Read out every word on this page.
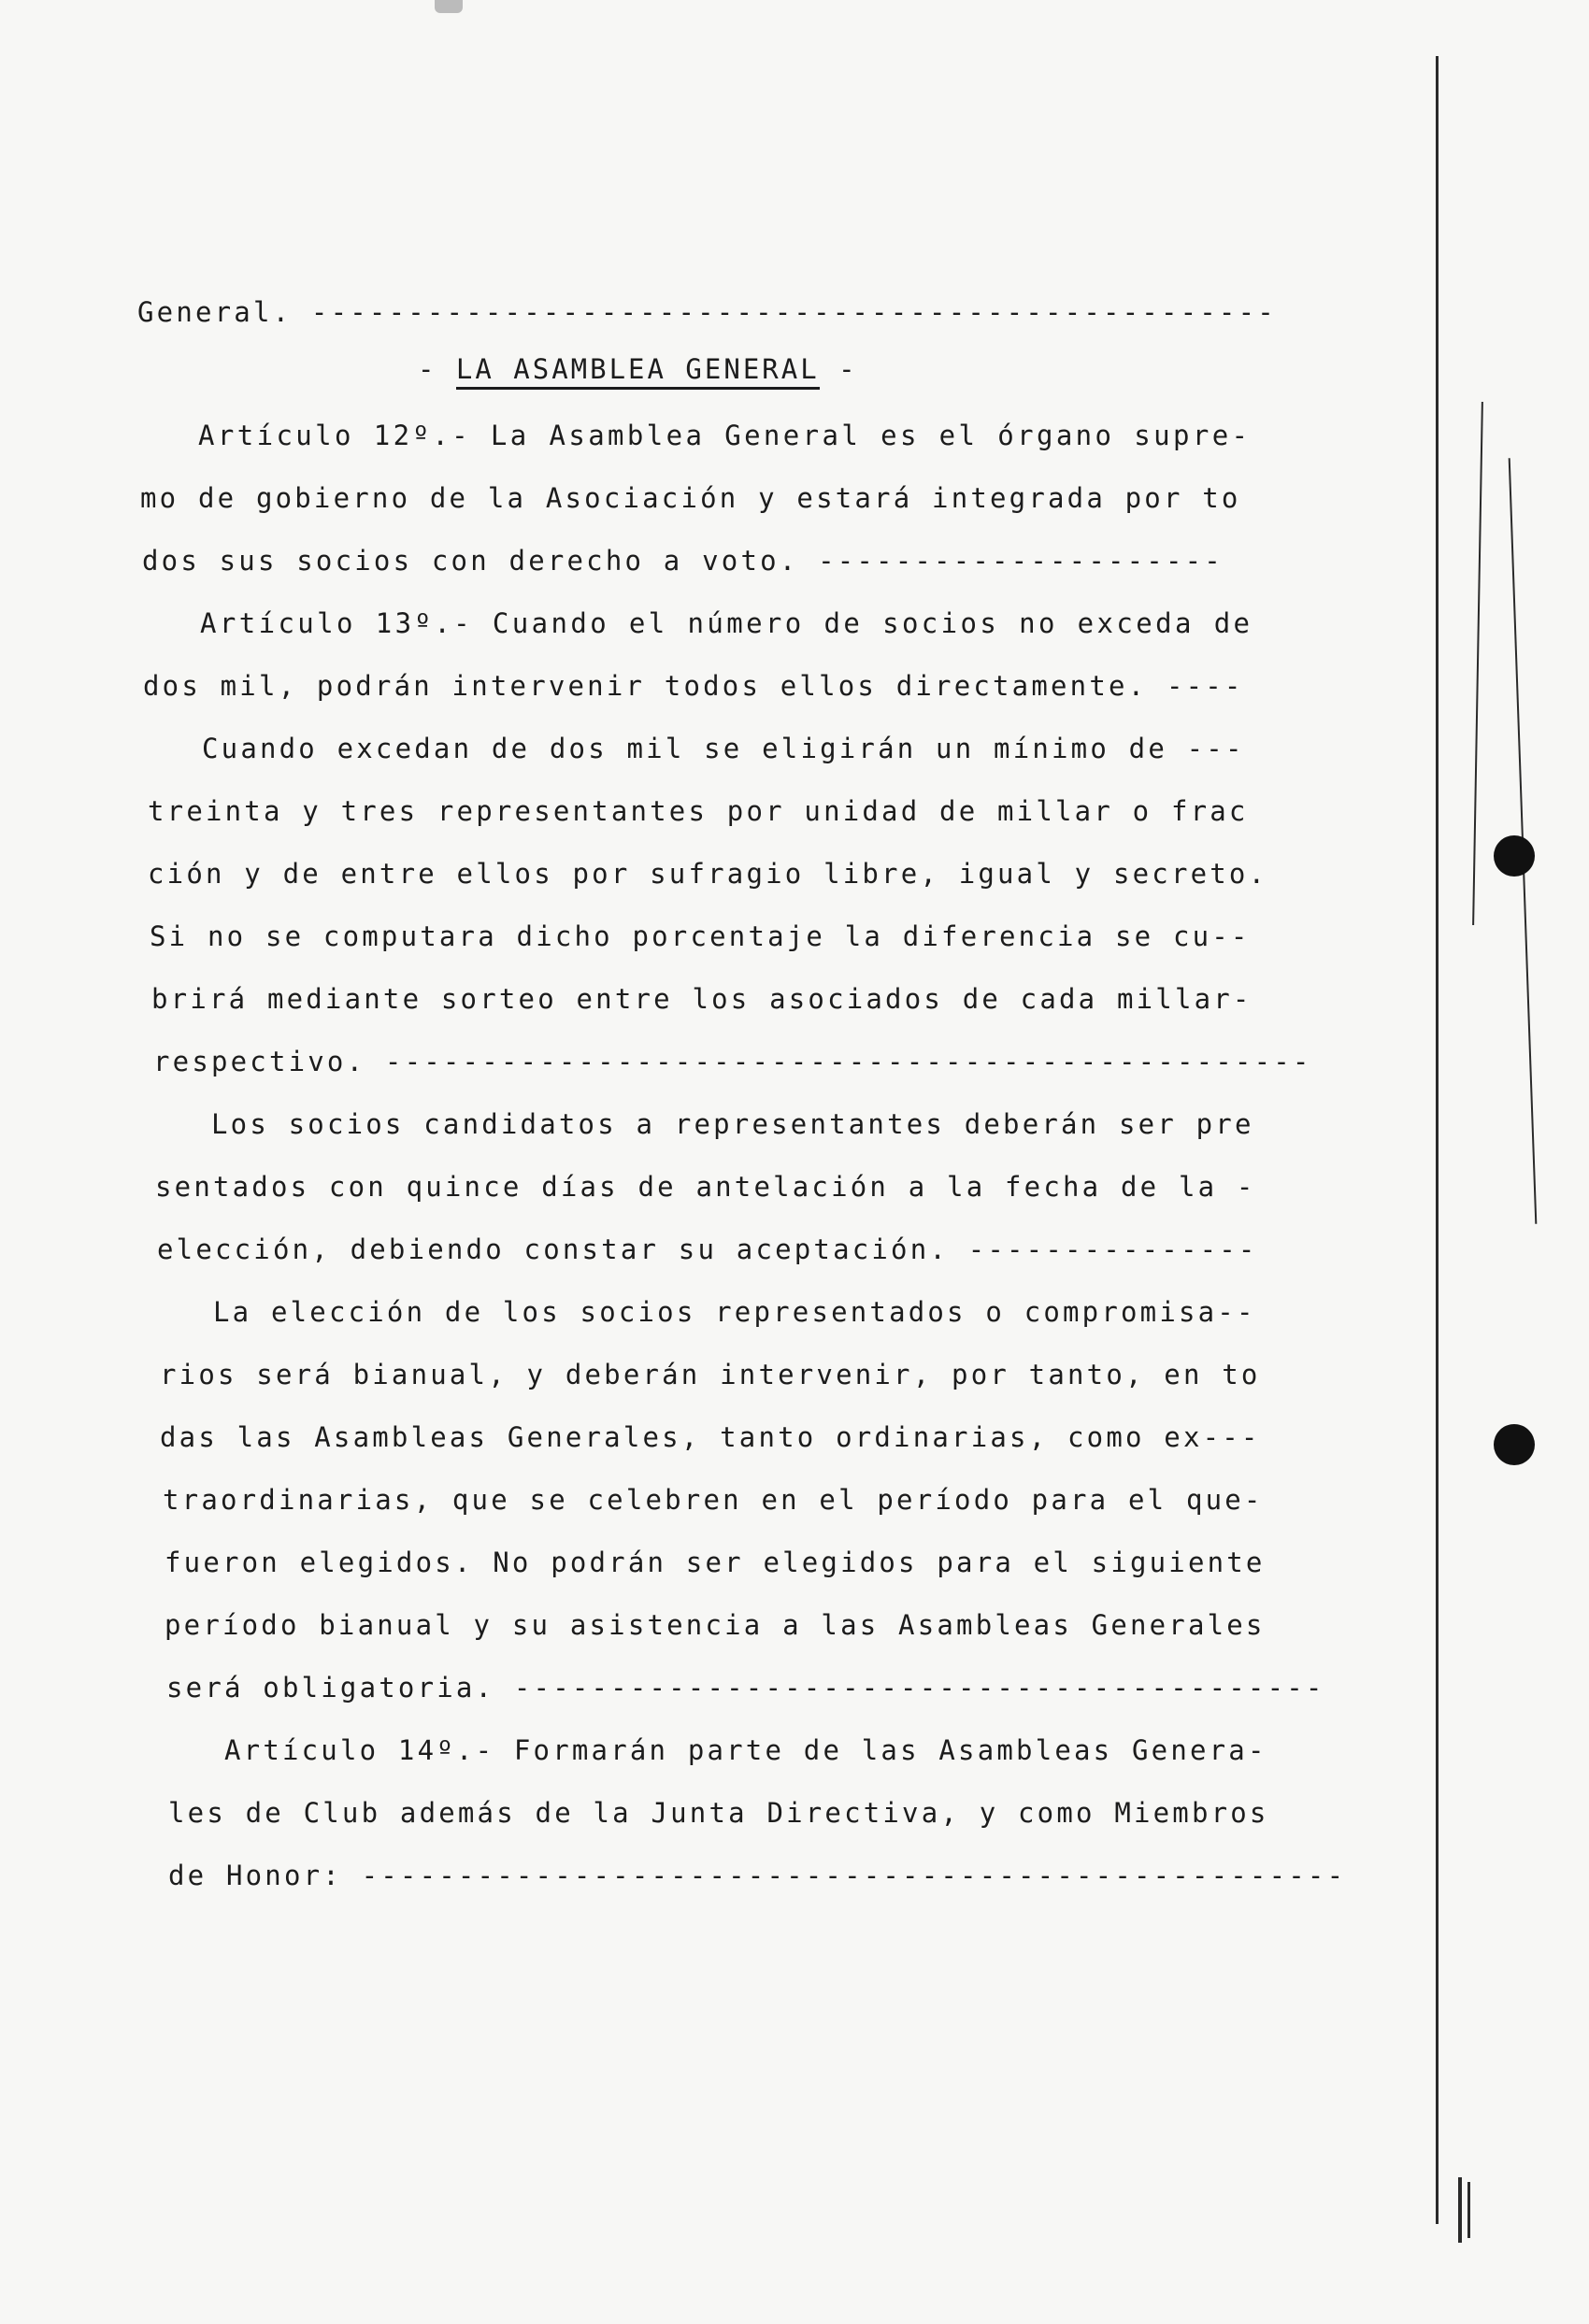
General. --------------------------------------------------
- LA ASAMBLEA GENERAL -
Artículo 12º.- La Asamblea General es el órgano supre-
mo de gobierno de la Asociación y estará integrada por to
dos sus socios con derecho a voto. ---------------------
Artículo 13º.- Cuando el número de socios no exceda de
dos mil, podrán intervenir todos ellos directamente. ----
Cuando excedan de dos mil se eligirán un mínimo de ---
treinta y tres representantes por unidad de millar o frac
ción y de entre ellos por sufragio libre, igual y secreto.
Si no se computara dicho porcentaje la diferencia se cu--
brirá mediante sorteo entre los asociados de cada millar-
respectivo. ------------------------------------------------
Los socios candidatos a representantes deberán ser pre
sentados con quince días de antelación a la fecha de la -
elección, debiendo constar su aceptación. ---------------
La elección de los socios representados o compromisa--
rios será bianual, y deberán intervenir, por tanto, en to
das las Asambleas Generales, tanto ordinarias, como ex---
traordinarias, que se celebren en el período para el que-
fueron elegidos. No podrán ser elegidos para el siguiente
período bianual y su asistencia a las Asambleas Generales
será obligatoria. ------------------------------------------
Artículo 14º.- Formarán parte de las Asambleas Genera-
les de Club además de la Junta Directiva, y como Miembros
de Honor: ---------------------------------------------------
